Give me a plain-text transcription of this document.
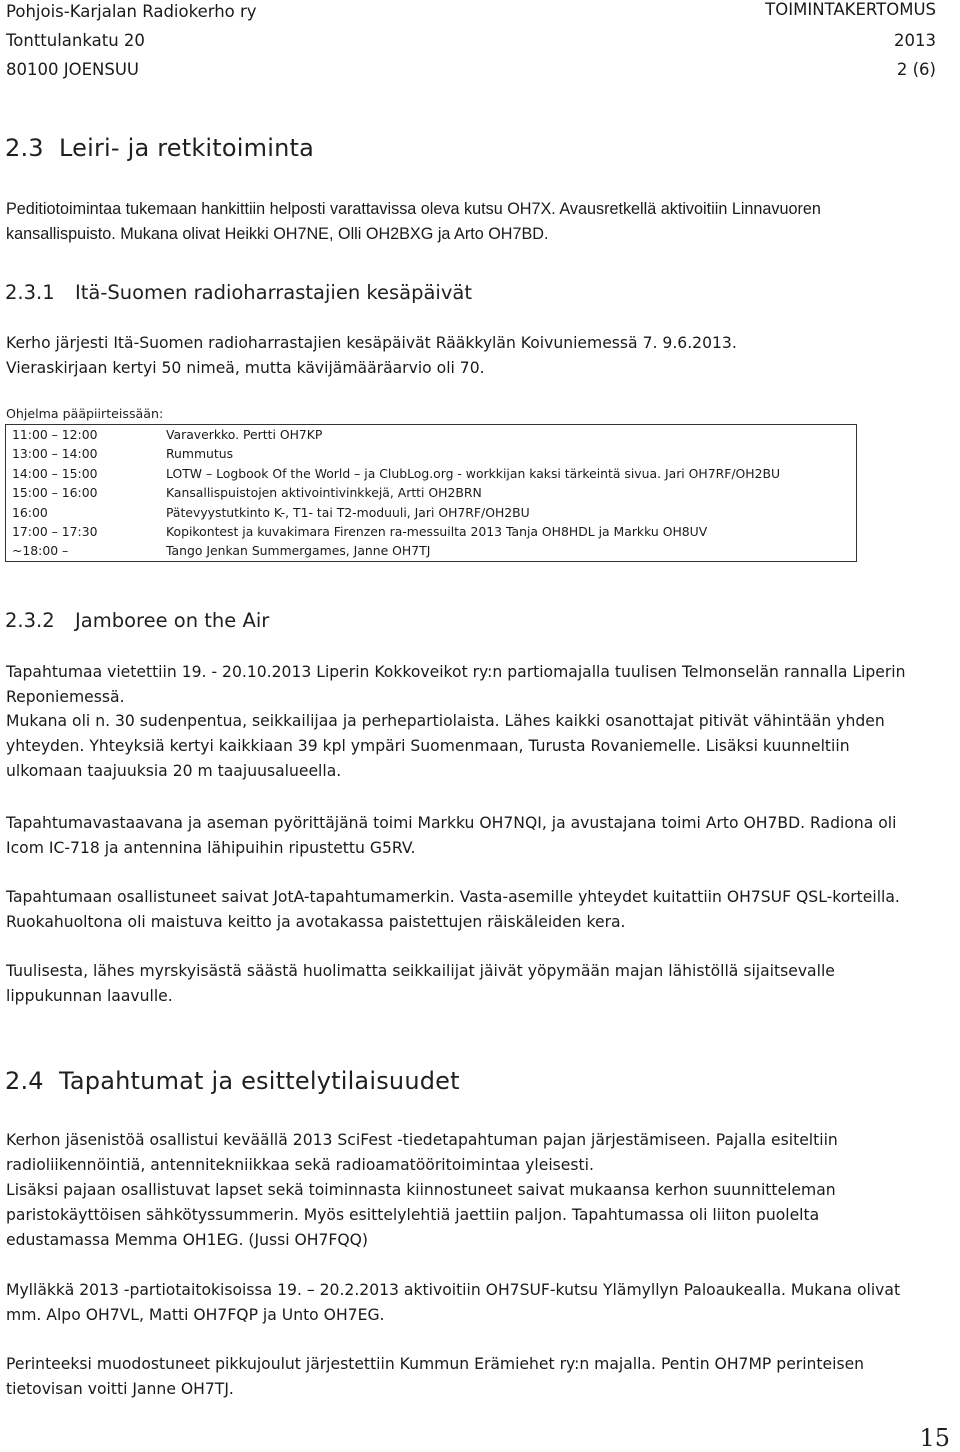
Pohjois-Karjalan Radiokerho ry
Tonttulankatu 20
80100 JOENSUU
TOIMINTAKERTOMUS
2013
2 (6)
2.3 Leiri- ja retkitoiminta

Peditiotoimintaa tukemaan hankittiin helposti varattavissa oleva kutsu OH7X. Avausretkellä aktivoitiin Linnavuoren kansallispuisto. Mukana olivat Heikki OH7NE, Olli OH2BXG ja Arto OH7BD.

2.3.1 Itä-Suomen radioharrastajien kesäpäivät

Kerho järjesti Itä-Suomen radioharrastajien kesäpäivät Rääkkylän Koivuniemessä 7. 9.6.2013.

Vieraskirjaan kertyi 50 nimeä, mutta kävijämääräarvio oli 70.

Ohjelma pääpiirteissään:
11:00 – 12:00	Varaverkko. Pertti OH7KP
13:00 – 14:00	Rummutus
14:00 – 15:00	LOTW – Logbook Of the World – ja ClubLog.org - workkijan kaksi tärkeintä sivua. Jari OH7RF/OH2BU
15:00 – 16:00	Kansallispuistojen aktivointivinkkejä, Artti OH2BRN
16:00	Pätevyystutkinto K-, T1- tai T2-moduuli, Jari OH7RF/OH2BU
17:00 – 17:30	Kopikontest ja kuvakimara Firenzen ra-messuilta 2013 Tanja OH8HDL ja Markku OH8UV
~18:00 –	Tango Jenkan Summergames, Janne OH7TJ
2.3.2 Jamboree on the Air

Tapahtumaa vietettiin 19. - 20.10.2013 Liperin Kokkoveikot ry:n partiomajalla tuulisen Telmonselän rannalla Liperin Reponiemessä.

Mukana oli n. 30 sudenpentua, seikkailijaa ja perhepartiolaista. Lähes kaikki osanottajat pitivät vähintään yhden yhteyden. Yhteyksiä kertyi kaikkiaan 39 kpl ympäri Suomenmaan, Turusta Rovaniemelle. Lisäksi kuunneltiin ulkomaan taajuuksia 20 m taajuusalueella.

Tapahtumavastaavana ja aseman pyörittäjänä toimi Markku OH7NQI, ja avustajana toimi Arto OH7BD. Radiona oli Icom IC-718 ja antennina lähipuihin ripustettu G5RV.

Tapahtumaan osallistuneet saivat JotA-tapahtumamerkin. Vasta-asemille yhteydet kuitattiin OH7SUF QSL-korteilla. Ruokahuoltona oli maistuva keitto ja avotakassa paistettujen räiskäleiden kera.

Tuulisesta, lähes myrskyisästä säästä huolimatta seikkailijat jäivät yöpymään majan lähistöllä sijaitsevalle lippukunnan laavulle.

2.4 Tapahtumat ja esittelytilaisuudet

Kerhon jäsenistöä osallistui keväällä 2013 SciFest -tiedetapahtuman pajan järjestämiseen. Pajalla esiteltiin radioliikennöintiä, antennitekniikkaa sekä radioamatööritoimintaa yleisesti.

Lisäksi pajaan osallistuvat lapset sekä toiminnasta kiinnostuneet saivat mukaansa kerhon suunnitteleman paristokäyttöisen sähkötyssummerin. Myös esittelylehtiä jaettiin paljon. Tapahtumassa oli liiton puolelta edustamassa Memma OH1EG. (Jussi OH7FQQ)

Mylläkkä 2013 -partiotaitokisoissa 19. – 20.2.2013 aktivoitiin OH7SUF-kutsu Ylämyllyn Paloaukealla. Mukana olivat mm. Alpo OH7VL, Matti OH7FQP ja Unto OH7EG.

Perinteeksi muodostuneet pikkujoulut järjestettiin Kummun Erämiehet ry:n majalla. Pentin OH7MP perinteisen tietovisan voitti Janne OH7TJ.

15
